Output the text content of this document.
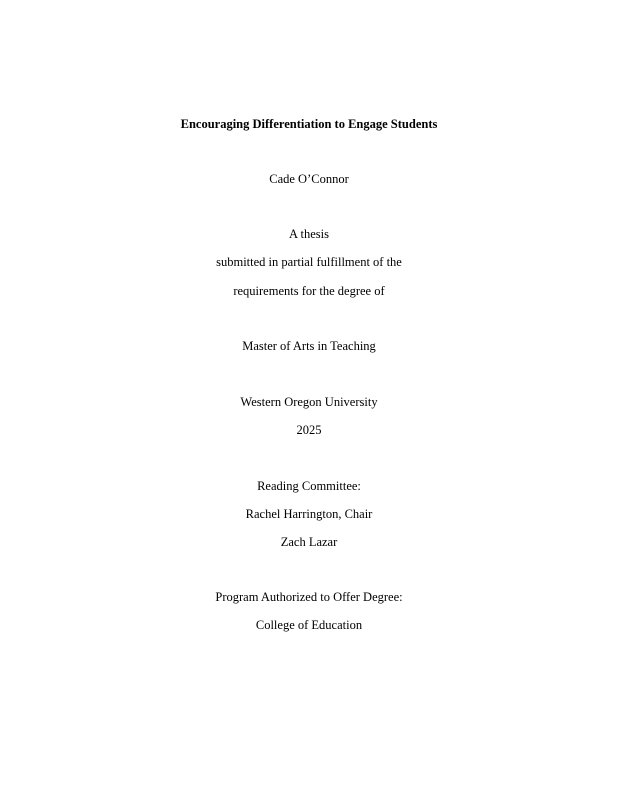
Encouraging Differentiation to Engage Students
Cade O’Connor
A thesis
submitted in partial fulfillment of the
requirements for the degree of
Master of Arts in Teaching
Western Oregon University
2025
Reading Committee:
Rachel Harrington, Chair
Zach Lazar
Program Authorized to Offer Degree:
College of Education
